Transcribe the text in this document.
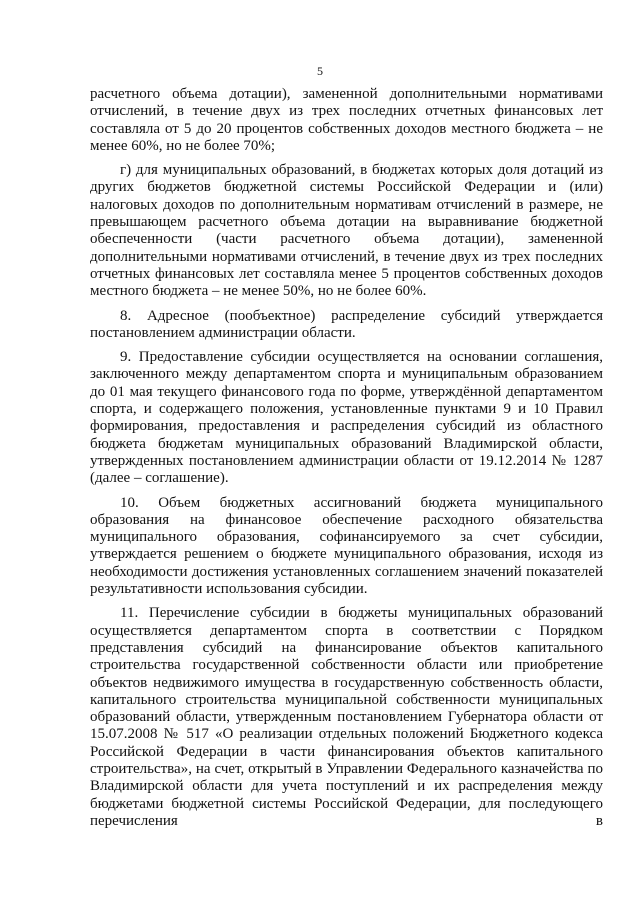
5

расчетного объема дотации), замененной дополнительными нормативами отчислений, в течение двух из трех последних отчетных финансовых лет составляла от 5 до 20 процентов собственных доходов местного бюджета – не менее 60%, но не более 70%;

г) для муниципальных образований, в бюджетах которых доля дотаций из других бюджетов бюджетной системы Российской Федерации и (или) налоговых доходов по дополнительным нормативам отчислений в размере, не превышающем расчетного объема дотации на выравнивание бюджетной обеспеченности (части расчетного объема дотации), замененной дополнительными нормативами отчислений, в течение двух из трех последних отчетных финансовых лет составляла менее 5 процентов собственных доходов местного бюджета – не менее 50%, но не более 60%.

8. Адресное (пообъектное) распределение субсидий утверждается постановлением администрации области.

9. Предоставление субсидии осуществляется на основании соглашения, заключенного между департаментом спорта и муниципальным образованием до 01 мая текущего финансового года по форме, утверждённой департаментом спорта, и содержащего положения, установленные пунктами 9 и 10 Правил формирования, предоставления и распределения субсидий из областного бюджета бюджетам муниципальных образований Владимирской области, утвержденных постановлением администрации области от 19.12.2014 № 1287 (далее – соглашение).

10. Объем бюджетных ассигнований бюджета муниципального образования на финансовое обеспечение расходного обязательства муниципального образования, софинансируемого за счет субсидии, утверждается решением о бюджете муниципального образования, исходя из необходимости достижения установленных соглашением значений показателей результативности использования субсидии.

11. Перечисление субсидии в бюджеты муниципальных образований осуществляется департаментом спорта в соответствии с Порядком представления субсидий на финансирование объектов капитального строительства государственной собственности области или приобретение объектов недвижимого имущества в государственную собственность области, капитального строительства муниципальной собственности муниципальных образований области, утвержденным постановлением Губернатора области от 15.07.2008 № 517 «О реализации отдельных положений Бюджетного кодекса Российской Федерации в части финансирования объектов капитального строительства», на счет, открытый в Управлении Федерального казначейства по Владимирской области для учета поступлений и их распределения между бюджетами бюджетной системы Российской Федерации, для последующего перечисления в
